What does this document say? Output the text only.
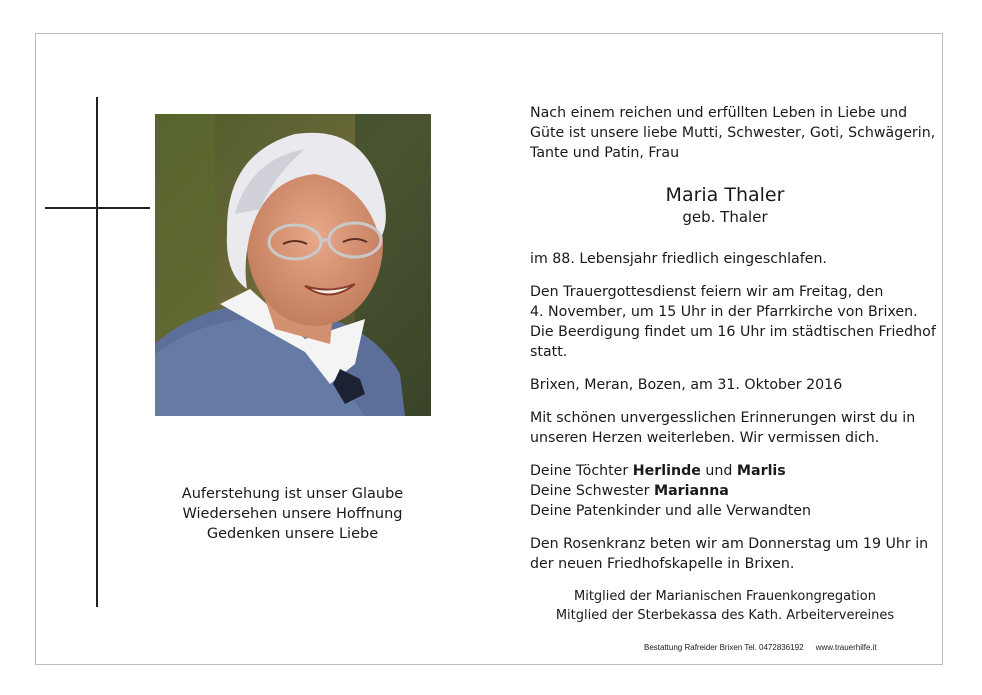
Auferstehung ist unser Glaube
Wiedersehen unsere Hoffnung
Gedenken unsere Liebe
Nach einem reichen und erfüllten Leben in Liebe und
Güte ist unsere liebe Mutti, Schwester, Goti, Schwägerin,
Tante und Patin, Frau
Maria Thaler
geb. Thaler
im 88. Lebensjahr friedlich eingeschlafen.
Den Trauergottesdienst feiern wir am Freitag, den
4. November, um 15 Uhr in der Pfarrkirche von Brixen.
Die Beerdigung findet um 16 Uhr im städtischen Friedhof
statt.
Brixen, Meran, Bozen, am 31. Oktober 2016
Mit schönen unvergesslichen Erinnerungen wirst du in
unseren Herzen weiterleben. Wir vermissen dich.
Deine Töchter Herlinde und Marlis
Deine Schwester Marianna
Deine Patenkinder und alle Verwandten
Den Rosenkranz beten wir am Donnerstag um 19 Uhr in
der neuen Friedhofskapelle in Brixen.
Mitglied der Marianischen Frauenkongregation
Mitglied der Sterbekassa des Kath. Arbeitervereines
Bestattung Rafreider Brixen Tel. 0472836192 www.trauerhilfe.it
